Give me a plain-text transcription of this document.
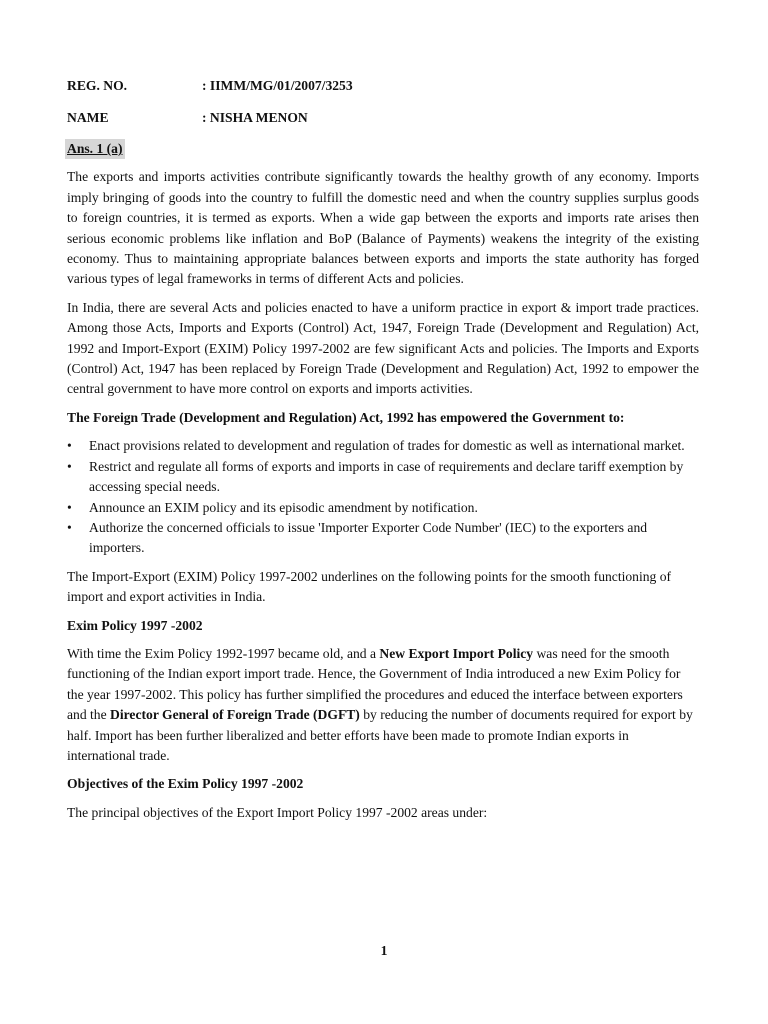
REG. NO.	: IIMM/MG/01/2007/3253
NAME	: NISHA MENON
Ans. 1 (a)

The exports and imports activities contribute significantly towards the healthy growth of any economy. Imports imply bringing of goods into the country to fulfill the domestic need and when the country supplies surplus goods to foreign countries, it is termed as exports. When a wide gap between the exports and imports rate arises then serious economic problems like inflation and BoP (Balance of Payments) weakens the integrity of the existing economy. Thus to maintaining appropriate balances between exports and imports the state authority has forged various types of legal frameworks in terms of different Acts and policies.

In India, there are several Acts and policies enacted to have a uniform practice in export & import trade practices. Among those Acts, Imports and Exports (Control) Act, 1947, Foreign Trade (Development and Regulation) Act, 1992 and Import-Export (EXIM) Policy 1997-2002 are few significant Acts and policies. The Imports and Exports (Control) Act, 1947 has been replaced by Foreign Trade (Development and Regulation) Act, 1992 to empower the central government to have more control on exports and imports activities.

The Foreign Trade (Development and Regulation) Act, 1992 has empowered the Government to:
• Enact provisions related to development and regulation of trades for domestic as well as international market.
• Restrict and regulate all forms of exports and imports in case of requirements and declare tariff exemption by accessing special needs.
• Announce an EXIM policy and its episodic amendment by notification.
• Authorize the concerned officials to issue 'Importer Exporter Code Number' (IEC) to the exporters and importers.

The Import-Export (EXIM) Policy 1997-2002 underlines on the following points for the smooth functioning of import and export activities in India.

Exim Policy 1997 -2002

With time the Exim Policy 1992-1997 became old, and a New Export Import Policy was need for the smooth functioning of the Indian export import trade. Hence, the Government of India introduced a new Exim Policy for the year 1997-2002. This policy has further simplified the procedures and educed the interface between exporters and the Director General of Foreign Trade (DGFT) by reducing the number of documents required for export by half. Import has been further liberalized and better efforts have been made to promote Indian exports in international trade.

Objectives of the Exim Policy 1997 -2002

The principal objectives of the Export Import Policy 1997 -2002 areas under:

1
